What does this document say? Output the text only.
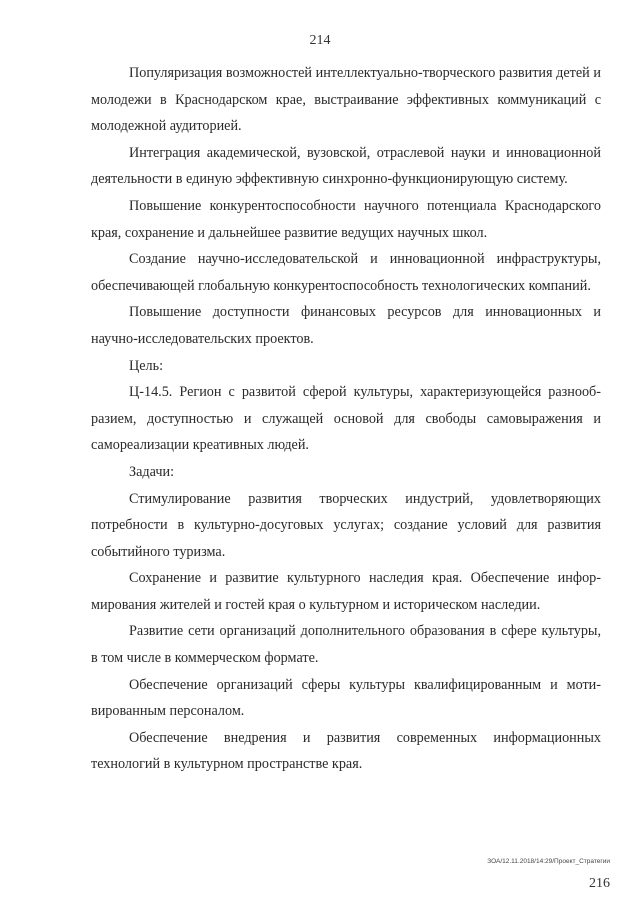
214

Популяризация возможностей интеллектуально-творческого развития детей и молодежи в Краснодарском крае, выстраивание эффективных коммуникаций с молодежной аудиторией.

Интеграция академической, вузовской, отраслевой науки и инновационной деятельности в единую эффективную синхронно-функционирующую систему.

Повышение конкурентоспособности научного потенциала Краснодарского края, сохранение и дальнейшее развитие ведущих научных школ.

Создание научно-исследовательской и инновационной инфраструктуры, обеспечивающей глобальную конкурентоспособность технологических компаний.

Повышение доступности финансовых ресурсов для инновационных и научно-исследовательских проектов.

Цель:

Ц-14.5. Регион с развитой сферой культуры, характеризующейся разнообразием, доступностью и служащей основой для свободы самовыражения и самореализации креативных людей.

Задачи:

Стимулирование развития творческих индустрий, удовлетворяющих потребности в культурно-досуговых услугах; создание условий для развития событийного туризма.

Сохранение и развитие культурного наследия края. Обеспечение информирования жителей и гостей края о культурном и историческом наследии.

Развитие сети организаций дополнительного образования в сфере культуры, в том числе в коммерческом формате.

Обеспечение организаций сферы культуры квалифицированным и мотивированным персоналом.

Обеспечение внедрения и развития современных информационных технологий в культурном пространстве края.

ЗОА/12.11.2018/14:29/Проект_Стратегии
216
